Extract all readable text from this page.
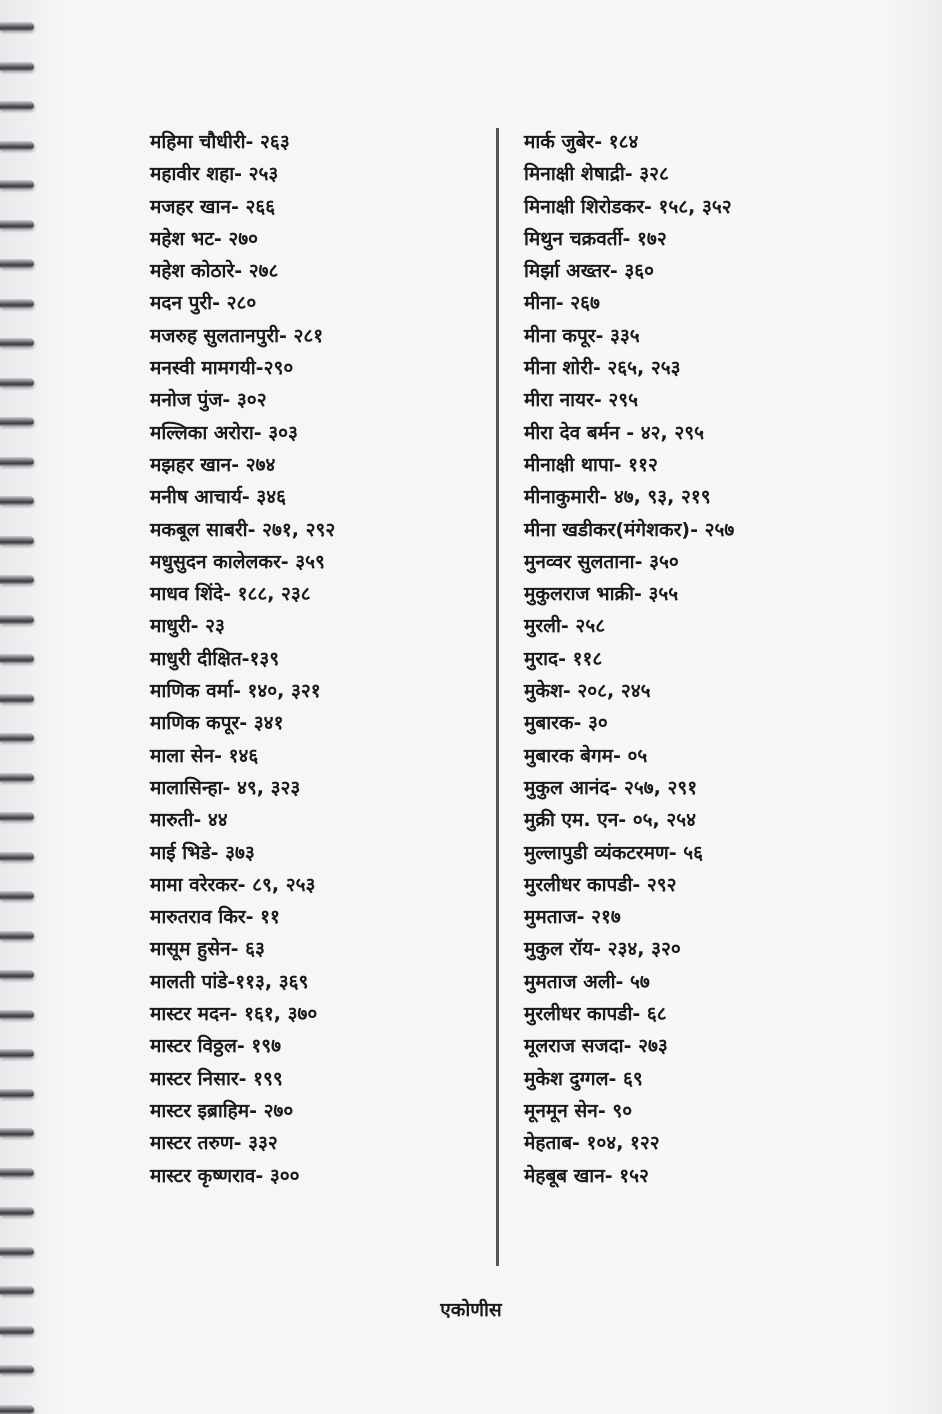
महिमा चौधीरी- २६३
महावीर शहा- २५३
मजहर खान- २६६
महेश भट- २७०
महेश कोठारे- २७८
मदन पुरी- २८०
मजरुह सुलतानपुरी- २८१
मनस्वी मामगयी-२९०
मनोज पुंज- ३०२
मल्लिका अरोरा- ३०३
मझहर खान- २७४
मनीष आचार्य- ३४६
मकबूल साबरी- २७१, २९२
मधुसुदन कालेलकर- ३५९
माधव शिंदे- १८८, २३८
माधुरी- २३
माधुरी दीक्षित-१३९
माणिक वर्मा- १४०, ३२१
माणिक कपूर- ३४१
माला सेन- १४६
मालासिन्हा- ४९, ३२३
मारुती- ४४
माई भिडे- ३७३
मामा वरेरकर- ८९, २५३
मारुतराव किर- ११
मासूम हुसेन- ६३
मालती पांडे-११३, ३६९
मास्टर मदन- १६१, ३७०
मास्टर विठ्ठल- १९७
मास्टर निसार- १९९
मास्टर इब्राहिम- २७०
मास्टर तरुण- ३३२
मास्टर कृष्णराव- ३००
मार्क जुबेर- १८४
मिनाक्षी शेषाद्री- ३२८
मिनाक्षी शिरोडकर- १५८, ३५२
मिथुन चक्रवर्ती- १७२
मिर्झा अख्तर- ३६०
मीना- २६७
मीना कपूर- ३३५
मीना शोरी- २६५, २५३
मीरा नायर- २९५
मीरा देव बर्मन - ४२, २९५
मीनाक्षी थापा- ११२
मीनाकुमारी- ४७, ९३, २१९
मीना खडीकर(मंगेशकर)- २५७
मुनव्वर सुलताना- ३५०
मुकुलराज भाक्री- ३५५
मुरली- २५८
मुराद- ११८
मुकेश- २०८, २४५
मुबारक- ३०
मुबारक बेगम- ०५
मुकुल आनंद- २५७, २९१
मुक्री एम. एन- ०५, २५४
मुल्लापुडी व्यंकटरमण- ५६
मुरलीधर कापडी- २९२
मुमताज- २१७
मुकुल रॉय- २३४, ३२०
मुमताज अली- ५७
मुरलीधर कापडी- ६८
मूलराज सजदा- २७३
मुकेश दुग्गल- ६९
मूनमून सेन- ९०
मेहताब- १०४, १२२
मेहबूब खान- १५२
एकोणीस
